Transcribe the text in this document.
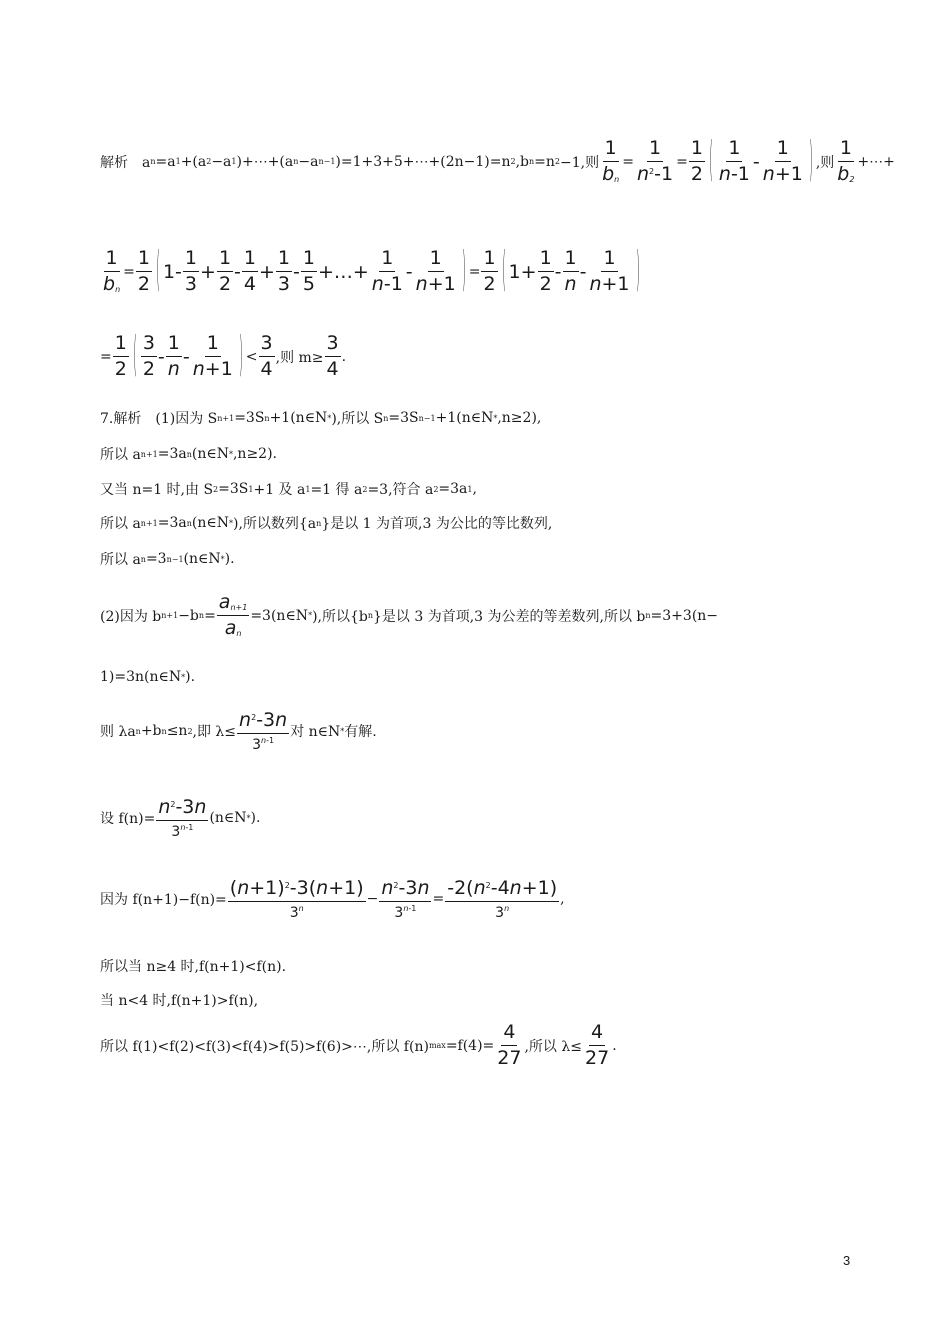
解析　a n =a 1 +(a 2 −a 1 )+⋯+(a n −a n−1 )=1+3+5+⋯+(2n−1)=n 2 ,b n =n 2 −1,则
1
$b_n$
=
1
$n^2-1$
=
1
2 ( 1
n-1
-
1
n+1 ) ,则
1
$b_2$
+⋯+
1
$b_n$
=
1
2 ( 1-
1
3
+ $\frac{1}{2}$ -
1
4
+ $\frac{1}{3}$ -
1
5
+…+ $\frac{1}{n-1}$ -
1
n+1 ) =
1
2 ( $1+ \frac{1}{2}$ -
1
n
-
1
n+1 )
=
1
2 ( 3
2
-
1
n
-
1
n+1 ) <
3
4 ,则 m≥
3
4
.
7.解析　(1)因为 S n+1 =3S n +1(n∈N * ),所以 S n =3S n−1 +1(n∈N * ,n≥2),
所以 a n+1 =3a n (n∈N * ,n≥2).
又当 n=1 时,由 S 2 =3S 1 +1 及 a 1 =1 得 a 2 =3,符合 a 2 =3a 1 ,
所以 a n+1 =3a n (n∈N * ),所以数列{a n }是以 1 为首项,3 为公比的等比数列,
所以 a n =3 n−1 (n∈N * ).
(2)因为 b n+1 −b n =
$a_{n+1}$
$a_n$
=3(n∈N * ),所以{b n }是以 3 为首项,3 为公差的等差数列,所以 b n =3+3(n−
1)=3n(n∈N * ).
则 λa n +b n ≤n 2 ,即 λ≤
$n^2-3n$
3$^{n-1}$ 对 n∈N * 有解.
设 f(n)=
$n^2-3n$
3$^{n-1}$
(n∈N * ).
因为 f(n+1)−f(n)=
$(n+1)^2-3(n+1)$
$3^n$
−
$n^2-3n$
$3^{n-1}$
=
$-2(n^2-4n+1)$
3$^n$
,
所以当 n≥4 时,f(n+1)<f(n).
当 n<4 时,f(n+1)>f(n),
所以 f(1)<f(2)<f(3)<f(4)>f(5)>f(6)>⋯,所以 f(n) max =f(4)=
4
27 ,所以 λ≤
4
27
.
3
